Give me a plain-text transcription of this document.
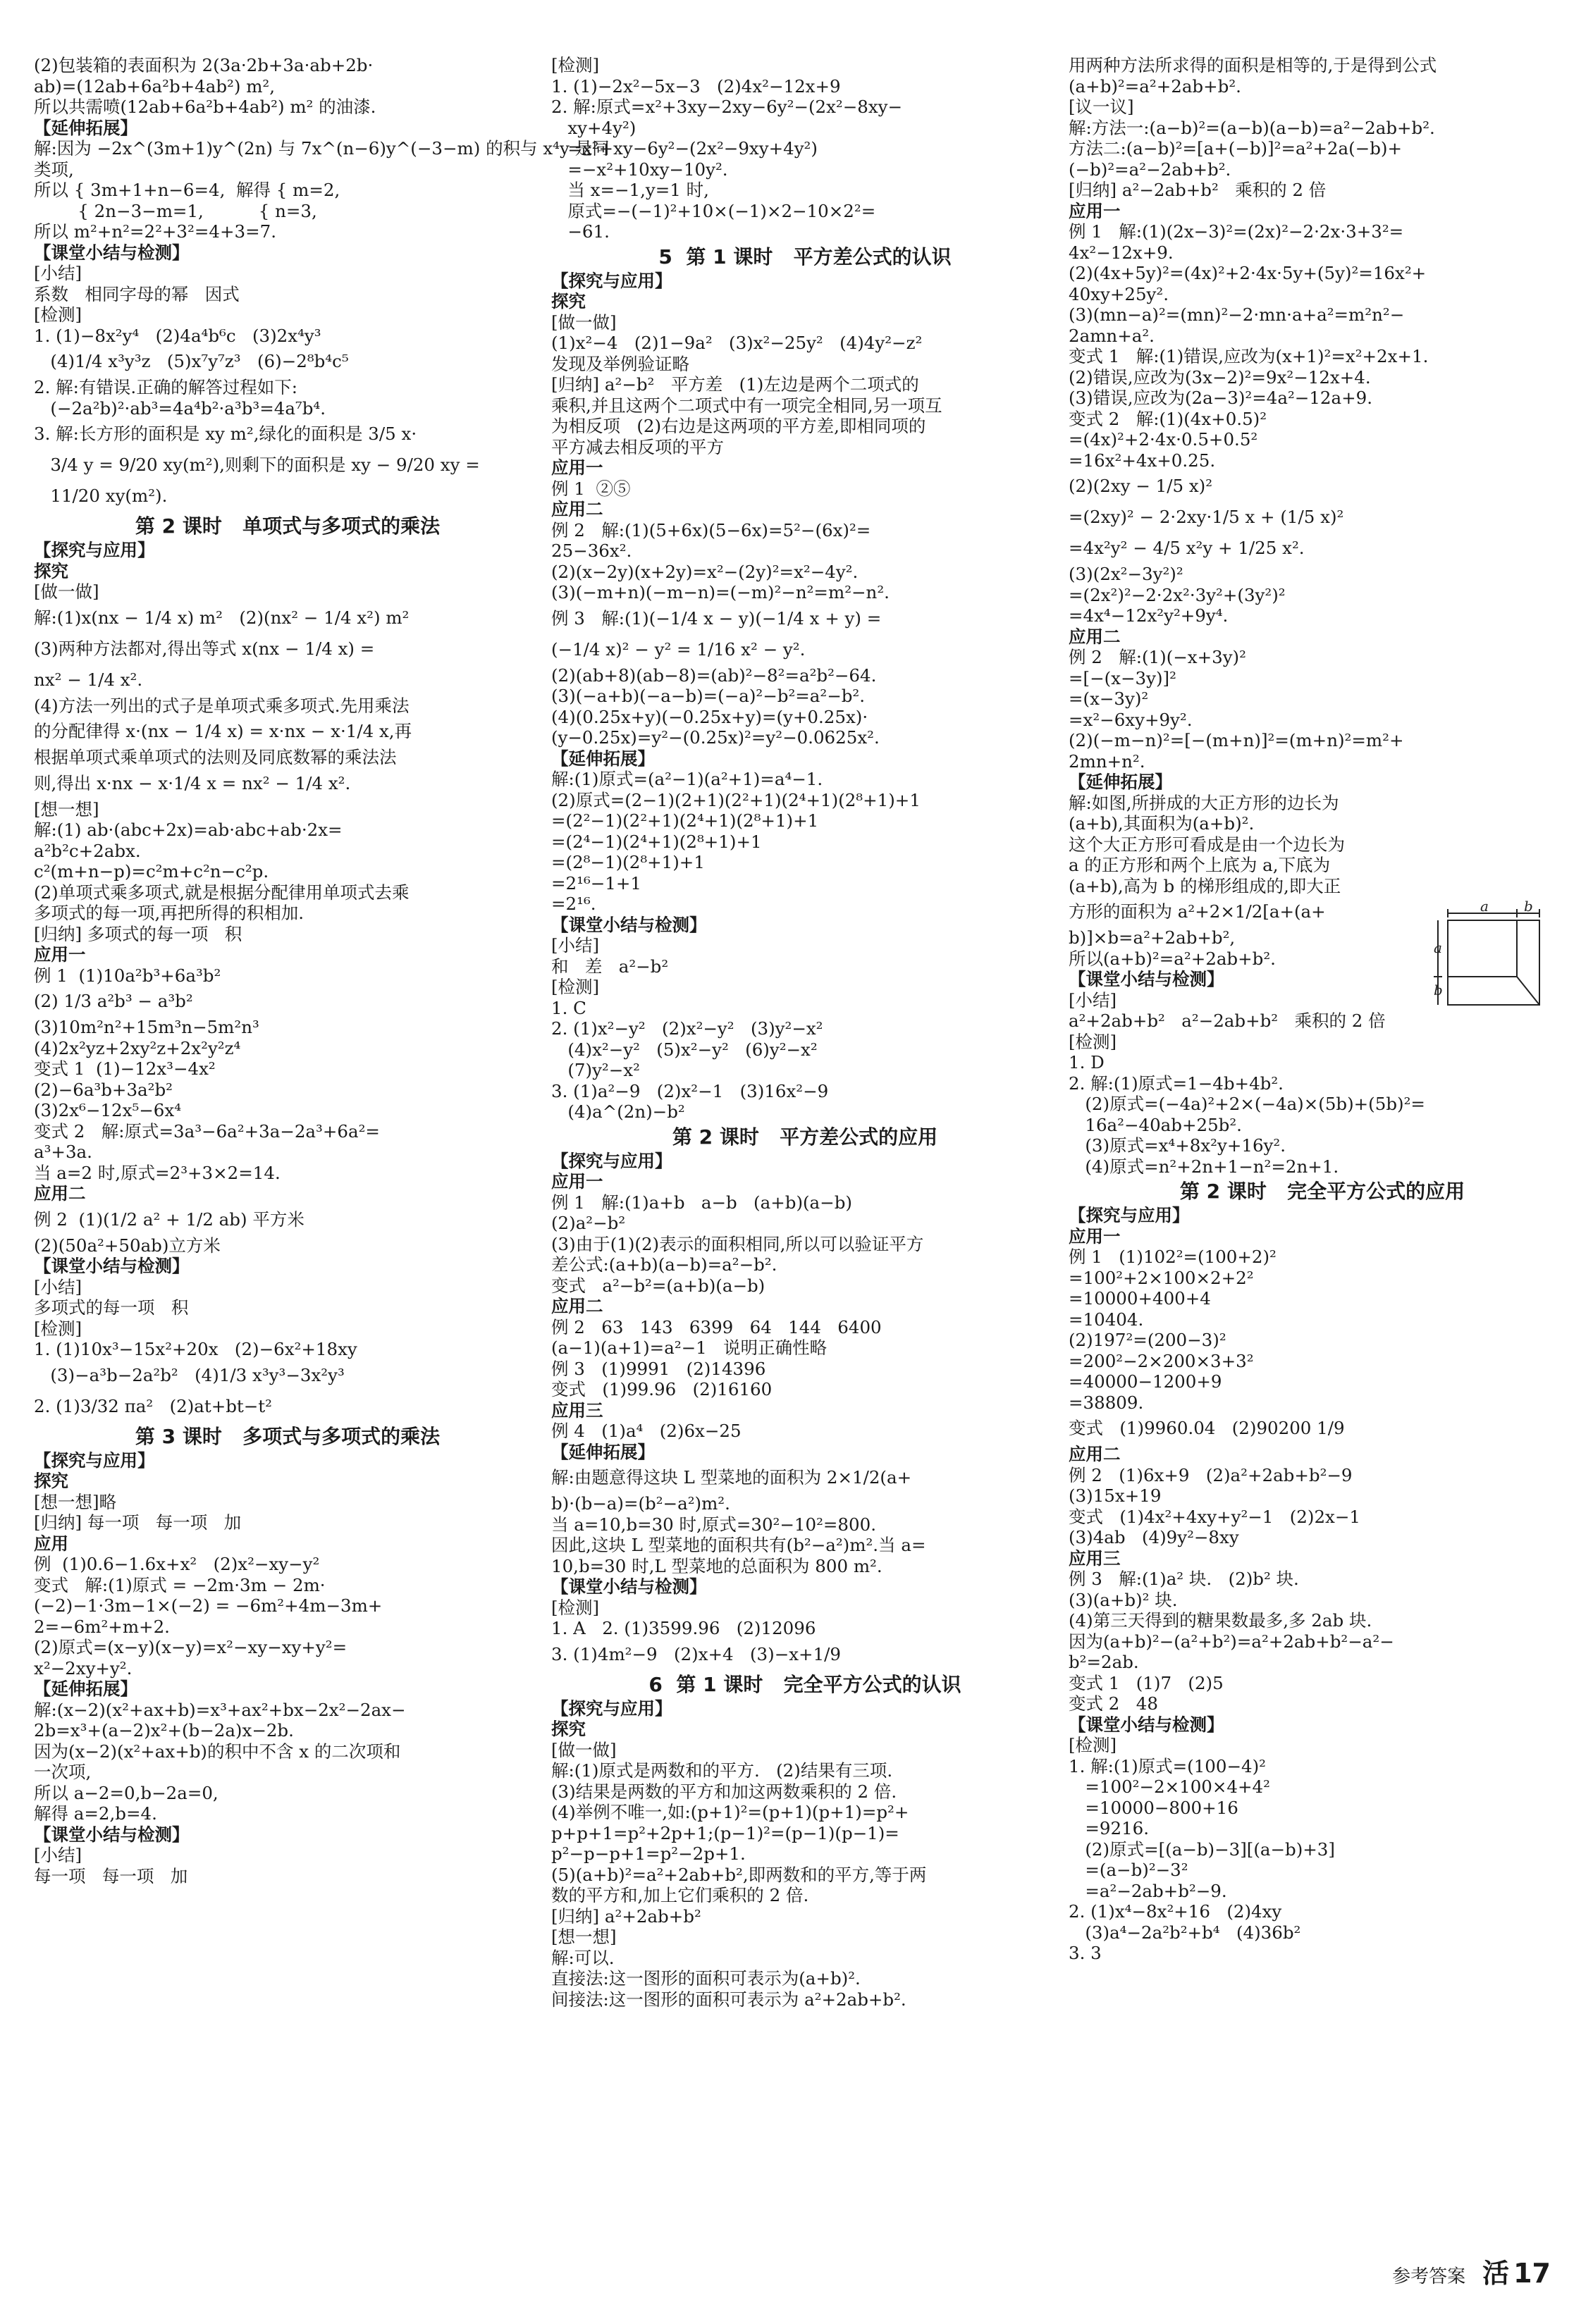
(2)包装箱的表面积为 2(3a·2b+3a·ab+2b·
ab)=(12ab+6a²b+4ab²) m²,
所以共需喷(12ab+6a²b+4ab²) m² 的油漆.
【延伸拓展】
解:因为 −2x^(3m+1)y^(2n) 与 7x^(n−6)y^(−3−m) 的积与 x⁴y 是同
类项,
所以 { 3m+1+n−6=4,  解得 { m=2,
{ 2n−3−m=1,          { n=3,
所以 m²+n²=2²+3²=4+3=7.
【课堂小结与检测】
[小结]
系数   相同字母的幂   因式
[检测]
1. (1)−8x²y⁴   (2)4a⁴b⁶c   (3)2x⁴y³
(4)1/4 x³y³z   (5)x⁷y⁷z³   (6)−2⁸b⁴c⁵
2. 解:有错误.正确的解答过程如下:
(−2a²b)²·ab³=4a⁴b²·a³b³=4a⁷b⁴.
3. 解:长方形的面积是 xy m²,绿化的面积是 3/5 x·
3/4 y = 9/20 xy(m²),则剩下的面积是 xy − 9/20 xy =
11/20 xy(m²).
第 2 课时   单项式与多项式的乘法
【探究与应用】
探究
[做一做]
解:(1)x(nx − 1/4 x) m²   (2)(nx² − 1/4 x²) m²
(3)两种方法都对,得出等式 x(nx − 1/4 x) =
nx² − 1/4 x².
(4)方法一列出的式子是单项式乘多项式.先用乘法
的分配律得 x·(nx − 1/4 x) = x·nx − x·1/4 x,再
根据单项式乘单项式的法则及同底数幂的乘法法
则,得出 x·nx − x·1/4 x = nx² − 1/4 x².
[想一想]
解:(1) ab·(abc+2x)=ab·abc+ab·2x=
a²b²c+2abx.
c²(m+n−p)=c²m+c²n−c²p.
(2)单项式乘多项式,就是根据分配律用单项式去乘
多项式的每一项,再把所得的积相加.
[归纳] 多项式的每一项   积
应用一
例 1  (1)10a²b³+6a³b²
(2) 1/3 a²b³ − a³b²
(3)10m²n²+15m³n−5m²n³
(4)2x²yz+2xy²z+2x²y²z⁴
变式 1  (1)−12x³−4x²
(2)−6a³b+3a²b²
(3)2x⁶−12x⁵−6x⁴
变式 2   解:原式=3a³−6a²+3a−2a³+6a²=
a³+3a.
当 a=2 时,原式=2³+3×2=14.
应用二
例 2  (1)(1/2 a² + 1/2 ab) 平方米
(2)(50a²+50ab)立方米
【课堂小结与检测】
[小结]
多项式的每一项   积
[检测]
1. (1)10x³−15x²+20x   (2)−6x²+18xy
(3)−a³b−2a²b²   (4)1/3 x³y³−3x²y³
2. (1)3/32 πa²   (2)at+bt−t²
第 3 课时   多项式与多项式的乘法
【探究与应用】
探究
[想一想]略
[归纳] 每一项   每一项   加
应用
例  (1)0.6−1.6x+x²   (2)x²−xy−y²
变式   解:(1)原式 = −2m·3m − 2m·
(−2)−1·3m−1×(−2) = −6m²+4m−3m+
2=−6m²+m+2.
(2)原式=(x−y)(x−y)=x²−xy−xy+y²=
x²−2xy+y².
【延伸拓展】
解:(x−2)(x²+ax+b)=x³+ax²+bx−2x²−2ax−
2b=x³+(a−2)x²+(b−2a)x−2b.
因为(x−2)(x²+ax+b)的积中不含 x 的二次项和
一次项,
所以 a−2=0,b−2a=0,
解得 a=2,b=4.
【课堂小结与检测】
[小结]
每一项   每一项   加
[检测]
1. (1)−2x²−5x−3   (2)4x²−12x+9
2. 解:原式=x²+3xy−2xy−6y²−(2x²−8xy−
xy+4y²)
=x²+xy−6y²−(2x²−9xy+4y²)
=−x²+10xy−10y².
当 x=−1,y=1 时,
原式=−(−1)²+10×(−1)×2−10×2²=
−61.
5  第 1 课时   平方差公式的认识
【探究与应用】
探究
[做一做]
(1)x²−4   (2)1−9a²   (3)x²−25y²   (4)4y²−z²
发现及举例验证略
[归纳] a²−b²   平方差   (1)左边是两个二项式的
乘积,并且这两个二项式中有一项完全相同,另一项互
为相反项   (2)右边是这两项的平方差,即相同项的
平方减去相反项的平方
应用一
例 1  ②⑤
应用二
例 2   解:(1)(5+6x)(5−6x)=5²−(6x)²=
25−36x².
(2)(x−2y)(x+2y)=x²−(2y)²=x²−4y².
(3)(−m+n)(−m−n)=(−m)²−n²=m²−n².
例 3   解:(1)(−1/4 x − y)(−1/4 x + y) =
(−1/4 x)² − y² = 1/16 x² − y².
(2)(ab+8)(ab−8)=(ab)²−8²=a²b²−64.
(3)(−a+b)(−a−b)=(−a)²−b²=a²−b².
(4)(0.25x+y)(−0.25x+y)=(y+0.25x)·
(y−0.25x)=y²−(0.25x)²=y²−0.0625x².
【延伸拓展】
解:(1)原式=(a²−1)(a²+1)=a⁴−1.
(2)原式=(2−1)(2+1)(2²+1)(2⁴+1)(2⁸+1)+1
=(2²−1)(2²+1)(2⁴+1)(2⁸+1)+1
=(2⁴−1)(2⁴+1)(2⁸+1)+1
=(2⁸−1)(2⁸+1)+1
=2¹⁶−1+1
=2¹⁶.
【课堂小结与检测】
[小结]
和   差   a²−b²
[检测]
1. C
2. (1)x²−y²   (2)x²−y²   (3)y²−x²
(4)x²−y²   (5)x²−y²   (6)y²−x²
(7)y²−x²
3. (1)a²−9   (2)x²−1   (3)16x²−9
(4)a^(2n)−b²
第 2 课时   平方差公式的应用
【探究与应用】
应用一
例 1   解:(1)a+b   a−b   (a+b)(a−b)
(2)a²−b²
(3)由于(1)(2)表示的面积相同,所以可以验证平方
差公式:(a+b)(a−b)=a²−b².
变式   a²−b²=(a+b)(a−b)
应用二
例 2   63   143   6399   64   144   6400
(a−1)(a+1)=a²−1   说明正确性略
例 3   (1)9991   (2)14396
变式   (1)99.96   (2)16160
应用三
例 4   (1)a⁴   (2)6x−25
【延伸拓展】
解:由题意得这块 L 型菜地的面积为 2×1/2(a+
b)·(b−a)=(b²−a²)m².
当 a=10,b=30 时,原式=30²−10²=800.
因此,这块 L 型菜地的面积共有(b²−a²)m².当 a=
10,b=30 时,L 型菜地的总面积为 800 m².
【课堂小结与检测】
[检测]
1. A   2. (1)3599.96   (2)12096
3. (1)4m²−9   (2)x+4   (3)−x+1/9
6  第 1 课时   完全平方公式的认识
【探究与应用】
探究
[做一做]
解:(1)原式是两数和的平方.   (2)结果有三项.
(3)结果是两数的平方和加这两数乘积的 2 倍.
(4)举例不唯一,如:(p+1)²=(p+1)(p+1)=p²+
p+p+1=p²+2p+1;(p−1)²=(p−1)(p−1)=
p²−p−p+1=p²−2p+1.
(5)(a+b)²=a²+2ab+b²,即两数和的平方,等于两
数的平方和,加上它们乘积的 2 倍.
[归纳] a²+2ab+b²
[想一想]
解:可以.
直接法:这一图形的面积可表示为(a+b)².
间接法:这一图形的面积可表示为 a²+2ab+b².
用两种方法所求得的面积是相等的,于是得到公式
(a+b)²=a²+2ab+b².
[议一议]
解:方法一:(a−b)²=(a−b)(a−b)=a²−2ab+b².
方法二:(a−b)²=[a+(−b)]²=a²+2a(−b)+
(−b)²=a²−2ab+b².
[归纳] a²−2ab+b²   乘积的 2 倍
应用一
例 1   解:(1)(2x−3)²=(2x)²−2·2x·3+3²=
4x²−12x+9.
(2)(4x+5y)²=(4x)²+2·4x·5y+(5y)²=16x²+
40xy+25y².
(3)(mn−a)²=(mn)²−2·mn·a+a²=m²n²−
2amn+a².
变式 1   解:(1)错误,应改为(x+1)²=x²+2x+1.
(2)错误,应改为(3x−2)²=9x²−12x+4.
(3)错误,应改为(2a−3)²=4a²−12a+9.
变式 2   解:(1)(4x+0.5)²
=(4x)²+2·4x·0.5+0.5²
=16x²+4x+0.25.
(2)(2xy − 1/5 x)²
=(2xy)² − 2·2xy·1/5 x + (1/5 x)²
=4x²y² − 4/5 x²y + 1/25 x².
(3)(2x²−3y²)²
=(2x²)²−2·2x²·3y²+(3y²)²
=4x⁴−12x²y²+9y⁴.
应用二
例 2   解:(1)(−x+3y)²
=[−(x−3y)]²
=(x−3y)²
=x²−6xy+9y².
(2)(−m−n)²=[−(m+n)]²=(m+n)²=m²+
2mn+n².
【延伸拓展】
解:如图,所拼成的大正方形的边长为
(a+b),其面积为(a+b)².
这个大正方形可看成是由一个边长为
a 的正方形和两个上底为 a,下底为
(a+b),高为 b 的梯形组成的,即大正
方形的面积为 a²+2×1/2[a+(a+
b)]×b=a²+2ab+b²,
所以(a+b)²=a²+2ab+b².
【课堂小结与检测】
[小结]
a²+2ab+b²   a²−2ab+b²   乘积的 2 倍
[检测]
1. D
2. 解:(1)原式=1−4b+4b².
(2)原式=(−4a)²+2×(−4a)×(5b)+(5b)²=
16a²−40ab+25b².
(3)原式=x⁴+8x²y+16y².
(4)原式=n²+2n+1−n²=2n+1.
第 2 课时   完全平方公式的应用
【探究与应用】
应用一
例 1   (1)102²=(100+2)²
=100²+2×100×2+2²
=10000+400+4
=10404.
(2)197²=(200−3)²
=200²−2×200×3+3²
=40000−1200+9
=38809.
变式   (1)9960.04   (2)90200 1/9
应用二
例 2   (1)6x+9   (2)a²+2ab+b²−9
(3)15x+19
变式   (1)4x²+4xy+y²−1   (2)2x−1
(3)4ab   (4)9y²−8xy
应用三
例 3   解:(1)a² 块.   (2)b² 块.
(3)(a+b)² 块.
(4)第三天得到的糖果数最多,多 2ab 块.
因为(a+b)²−(a²+b²)=a²+2ab+b²−a²−
b²=2ab.
变式 1   (1)7   (2)5
变式 2   48
【课堂小结与检测】
[检测]
1. 解:(1)原式=(100−4)²
=100²−2×100×4+4²
=10000−800+16
=9216.
(2)原式=[(a−b)−3][(a−b)+3]
=(a−b)²−3²
=a²−2ab+b²−9.
2. (1)x⁴−8x²+16   (2)4xy
(3)a⁴−2a²b²+b⁴   (4)36b²
3. 3
a	b
a
b
参考答案 活 17
